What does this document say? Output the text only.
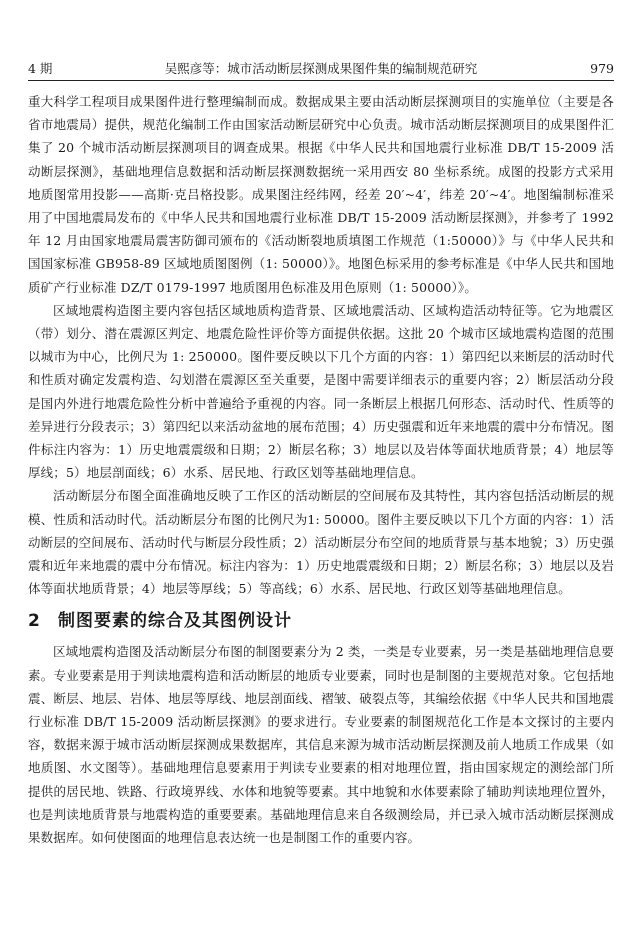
4 期	吴熙彦等：城市活动断层探测成果图件集的编制规范研究	979

重大科学工程项目成果图件进行整理编制而成。数据成果主要由活动断层探测项目的实施单位（主要是各省市地震局）提供，规范化编制工作由国家活动断层研究中心负责。城市活动断层探测项目的成果图件汇集了 20 个城市活动断层探测项目的调查成果。根据《中华人民共和国地震行业标准 DB/T 15-2009 活动断层探测》，基础地理信息数据和活动断层探测数据统一采用西安 80 坐标系统。成图的投影方式采用地质图常用投影——高斯·克吕格投影。成果图注经纬网，经差 20′~4′，纬差 20′~4′。地图编制标准采用了中国地震局发布的《中华人民共和国地震行业标准 DB/T 15-2009 活动断层探测》，并参考了 1992 年 12 月由国家地震局震害防御司颁布的《活动断裂地质填图工作规范（1:50000）》与《中华人民共和国国家标准 GB958-89 区域地质图图例（1: 50000）》。地图色标采用的参考标准是《中华人民共和国地质矿产行业标准 DZ/T 0179-1997 地质图用色标准及用色原则（1: 50000）》。

区域地震构造图主要内容包括区域地质构造背景、区域地震活动、区域构造活动特征等。它为地震区（带）划分、潜在震源区判定、地震危险性评价等方面提供依据。这批 20 个城市区域地震构造图的范围以城市为中心，比例尺为 1: 250000。图件要反映以下几个方面的内容：1）第四纪以来断层的活动时代和性质对确定发震构造、勾划潜在震源区至关重要，是图中需要详细表示的重要内容；2）断层活动分段是国内外进行地震危险性分析中普遍给予重视的内容。同一条断层上根据几何形态、活动时代、性质等的差异进行分段表示；3）第四纪以来活动盆地的展布范围；4）历史强震和近年来地震的震中分布情况。图件标注内容为：1）历史地震震级和日期；2）断层名称；3）地层以及岩体等面状地质背景；4）地层等厚线；5）地层剖面线；6）水系、居民地、行政区划等基础地理信息。

活动断层分布图全面准确地反映了工作区的活动断层的空间展布及其特性，其内容包括活动断层的规模、性质和活动时代。活动断层分布图的比例尺为1: 50000。图件主要反映以下几个方面的内容：1）活动断层的空间展布、活动时代与断层分段性质；2）活动断层分布空间的地质背景与基本地貌；3）历史强震和近年来地震的震中分布情况。标注内容为：1）历史地震震级和日期；2）断层名称；3）地层以及岩体等面状地质背景；4）地层等厚线；5）等高线；6）水系、居民地、行政区划等基础地理信息。

2 制图要素的综合及其图例设计

区域地震构造图及活动断层分布图的制图要素分为 2 类，一类是专业要素，另一类是基础地理信息要素。专业要素是用于判读地震构造和活动断层的地质专业要素，同时也是制图的主要规范对象。它包括地震、断层、地层、岩体、地层等厚线、地层剖面线、褶皱、破裂点等，其编绘依据《中华人民共和国地震行业标准 DB/T 15-2009 活动断层探测》的要求进行。专业要素的制图规范化工作是本文探讨的主要内容，数据来源于城市活动断层探测成果数据库，其信息来源为城市活动断层探测及前人地质工作成果（如地质图、水文图等）。基础地理信息要素用于判读专业要素的相对地理位置，指由国家规定的测绘部门所提供的居民地、铁路、行政境界线、水体和地貌等要素。其中地貌和水体要素除了辅助判读地理位置外，也是判读地质背景与地震构造的重要要素。基础地理信息来自各级测绘局，并已录入城市活动断层探测成果数据库。如何使图面的地理信息表达统一也是制图工作的重要内容。
